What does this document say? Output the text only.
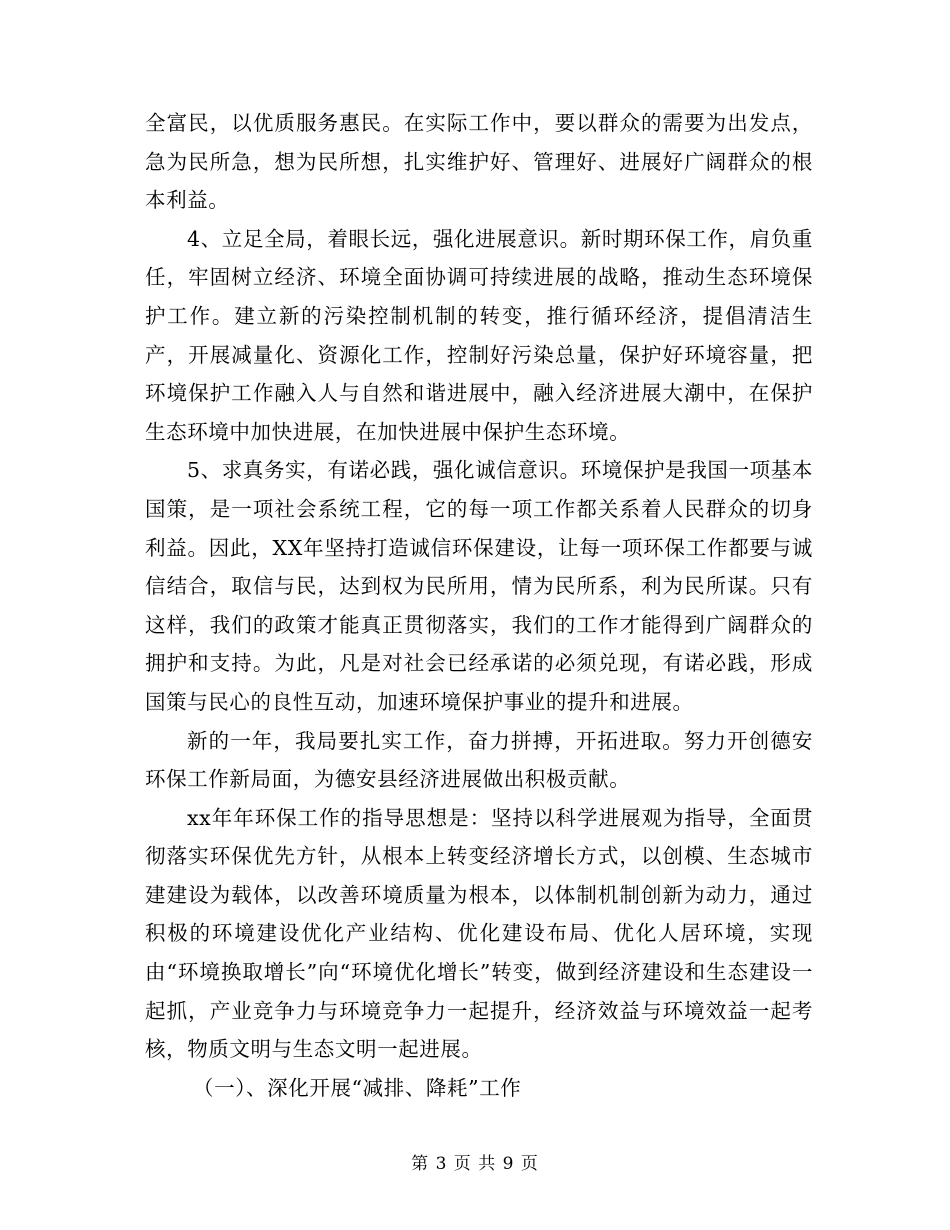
全富民，以优质服务惠民。在实际工作中，要以群众的需要为出发点，急为民所急，想为民所想，扎实维护好、管理好、进展好广阔群众的根本利益。

4、立足全局，着眼长远，强化进展意识。新时期环保工作，肩负重任，牢固树立经济、环境全面协调可持续进展的战略，推动生态环境保护工作。建立新的污染控制机制的转变，推行循环经济，提倡清洁生产，开展减量化、资源化工作，控制好污染总量，保护好环境容量，把环境保护工作融入人与自然和谐进展中，融入经济进展大潮中，在保护生态环境中加快进展，在加快进展中保护生态环境。

5、求真务实，有诺必践，强化诚信意识。环境保护是我国一项基本国策，是一项社会系统工程，它的每一项工作都关系着人民群众的切身利益。因此，XX年坚持打造诚信环保建设，让每一项环保工作都要与诚信结合，取信与民，达到权为民所用，情为民所系，利为民所谋。只有这样，我们的政策才能真正贯彻落实，我们的工作才能得到广阔群众的拥护和支持。为此，凡是对社会已经承诺的必须兑现，有诺必践，形成国策与民心的良性互动，加速环境保护事业的提升和进展。

新的一年，我局要扎实工作，奋力拼搏，开拓进取。努力开创德安环保工作新局面，为德安县经济进展做出积极贡献。

xx年年环保工作的指导思想是：坚持以科学进展观为指导，全面贯彻落实环保优先方针，从根本上转变经济增长方式，以创模、生态城市建建设为载体，以改善环境质量为根本，以体制机制创新为动力，通过积极的环境建设优化产业结构、优化建设布局、优化人居环境，实现由“环境换取增长”向“环境优化增长”转变，做到经济建设和生态建设一起抓，产业竞争力与环境竞争力一起提升，经济效益与环境效益一起考核，物质文明与生态文明一起进展。

（一）、深化开展“减排、降耗”工作

第 3 页 共 9 页
